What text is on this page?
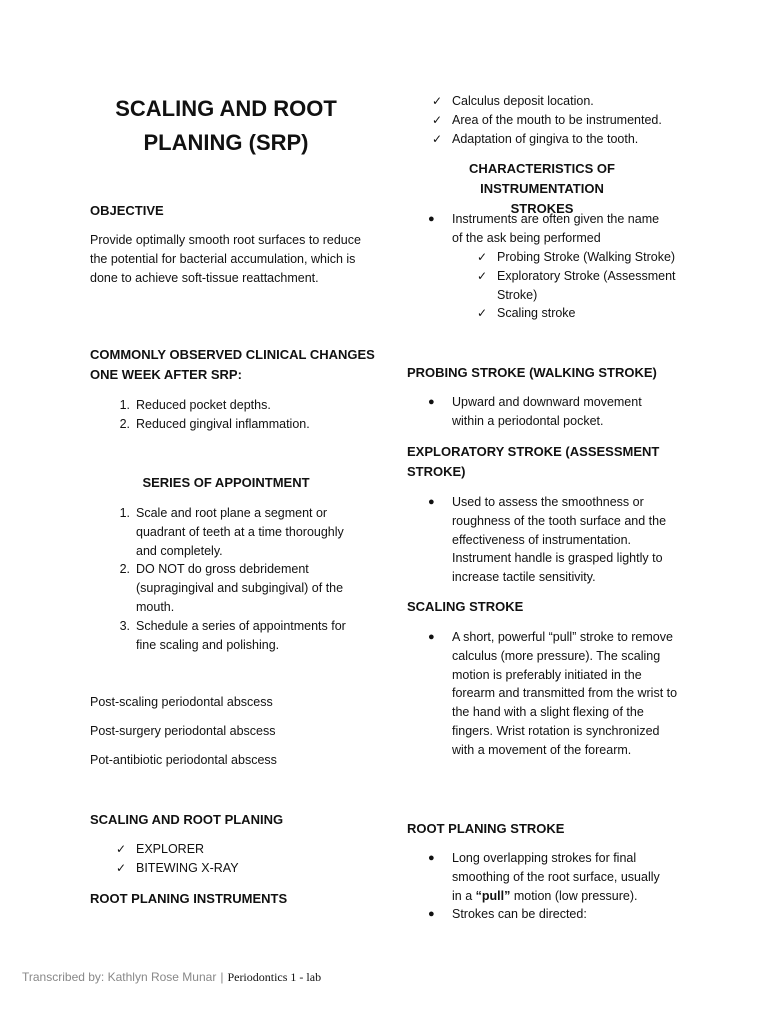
SCALING AND ROOT
PLANING (SRP)
OBJECTIVE
Provide optimally smooth root surfaces to reduce the potential for bacterial accumulation, which is done to achieve soft-tissue reattachment.
COMMONLY OBSERVED CLINICAL CHANGES
ONE WEEK AFTER SRP:
1. Reduced pocket depths.
2. Reduced gingival inflammation.
SERIES OF APPOINTMENT
1. Scale and root plane a segment or quadrant of teeth at a time thoroughly and completely.
2. DO NOT do gross debridement (supragingival and subgingival) of the mouth.
3. Schedule a series of appointments for fine scaling and polishing.
Post-scaling periodontal abscess
Post-surgery periodontal abscess
Pot-antibiotic periodontal abscess
SCALING AND ROOT PLANING
✓ EXPLORER
✓ BITEWING X-RAY
ROOT PLANING INSTRUMENTS
✓ Calculus deposit location.
✓ Area of the mouth to be instrumented.
✓ Adaptation of gingiva to the tooth.
CHARACTERISTICS OF INSTRUMENTATION
STROKES
● Instruments are often given the name of the ask being performed
✓ Probing Stroke (Walking Stroke)
✓ Exploratory Stroke (Assessment Stroke)
✓ Scaling stroke
PROBING STROKE (WALKING STROKE)
● Upward and downward movement within a periodontal pocket.
EXPLORATORY STROKE (ASSESSMENT
STROKE)
● Used to assess the smoothness or roughness of the tooth surface and the effectiveness of instrumentation. Instrument handle is grasped lightly to increase tactile sensitivity.
SCALING STROKE
● A short, powerful “pull” stroke to remove calculus (more pressure). The scaling motion is preferably initiated in the forearm and transmitted from the wrist to the hand with a slight flexing of the fingers. Wrist rotation is synchronized with a movement of the forearm.
ROOT PLANING STROKE
● Long overlapping strokes for final smoothing of the root surface, usually in a “pull” motion (low pressure).
● Strokes can be directed:
Transcribed by: Kathlyn Rose Munar | Periodontics 1 - lab
